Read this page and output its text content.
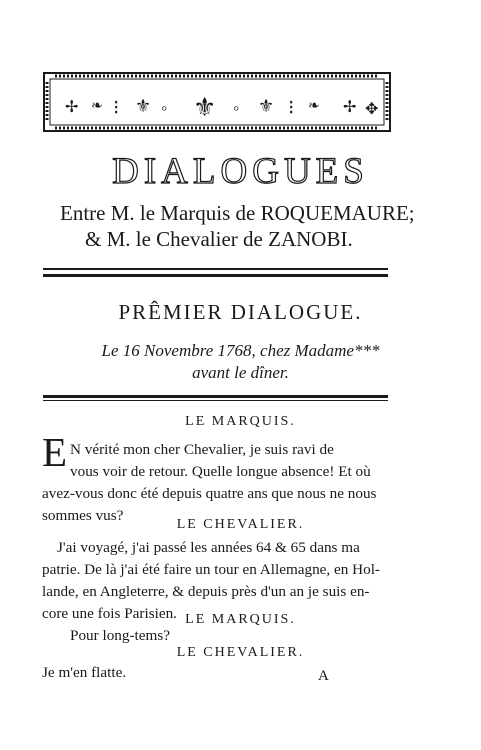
✢ ❧ ⁝ ⚜ ◦ ⚜ ◦ ⚜ ⁝ ❧ ✢ ✥
DIALOGUES
Entre M. le Marquis de ROQUEMAURE;
& M. le Chevalier de ZANOBI.
PRÊMIER DIALOGUE.
Le 16 Novembre 1768, chez Madame***
avant le dîner.
LE MARQUIS.
E N vérité mon cher Chevalier, je suis ravi de
vous voir de retour. Quelle longue absence! Et où
avez-vous donc été depuis quatre ans que nous ne nous
sommes vus?
LE CHEVALIER.
J'ai voyagé, j'ai passé les années 64 & 65 dans ma
patrie. De là j'ai été faire un tour en Allemagne, en Hol-
lande, en Angleterre, & depuis près d'un an je suis en-
core une fois Parisien. LE MARQUIS.
Pour long-tems?
LE CHEVALIER.
Je m'en flatte.	A
